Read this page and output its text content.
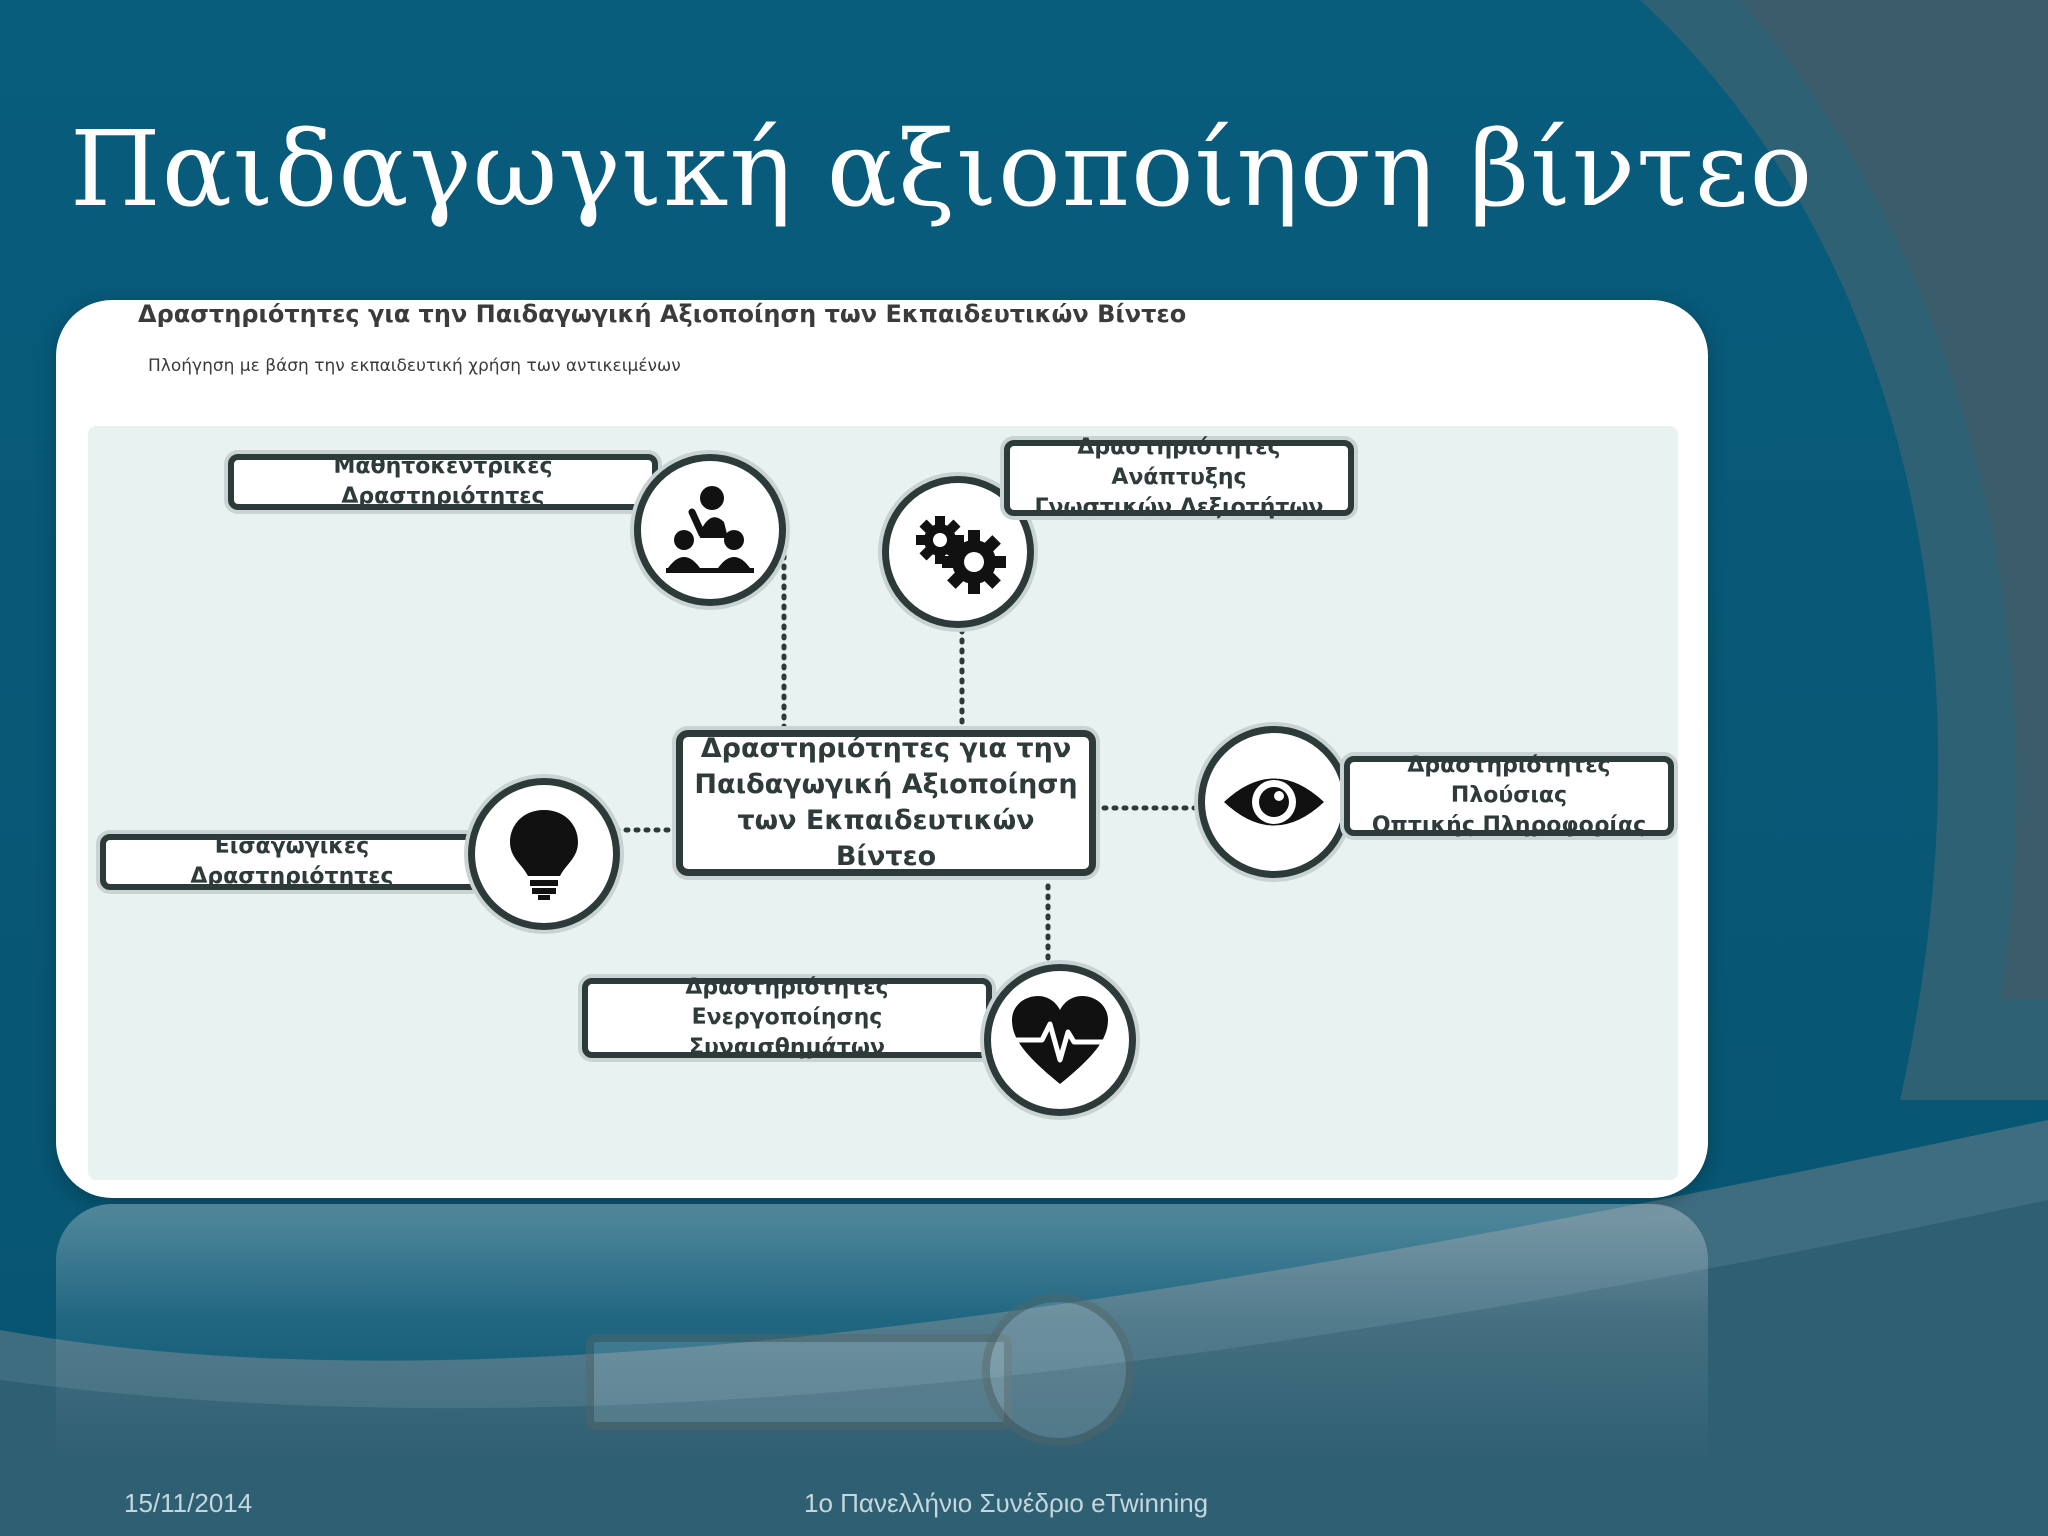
Παιδαγωγική αξιοποίηση βίντεο
Δραστηριότητες για την Παιδαγωγική Αξιοποίηση των Εκπαιδευτικών Βίντεο
Πλοήγηση με βάση την εκπαιδευτική χρήση των αντικειμένων
Μαθητοκεντρικές Δραστηριότητες
Δραστηριότητες Ανάπτυξης
Γνωστικών Δεξιοτήτων
Δραστηριότητες για την
Παιδαγωγική Αξιοποίηση
των Εκπαιδευτικών Βίντεο
Εισαγωγικές Δραστηριότητες
Δραστηριότητες Πλούσιας
Οπτικής Πληροφορίας
Δραστηριότητες Ενεργοποίησης
Συναισθημάτων
15/11/2014	1ο Πανελλήνιο Συνέδριο eTwinning
